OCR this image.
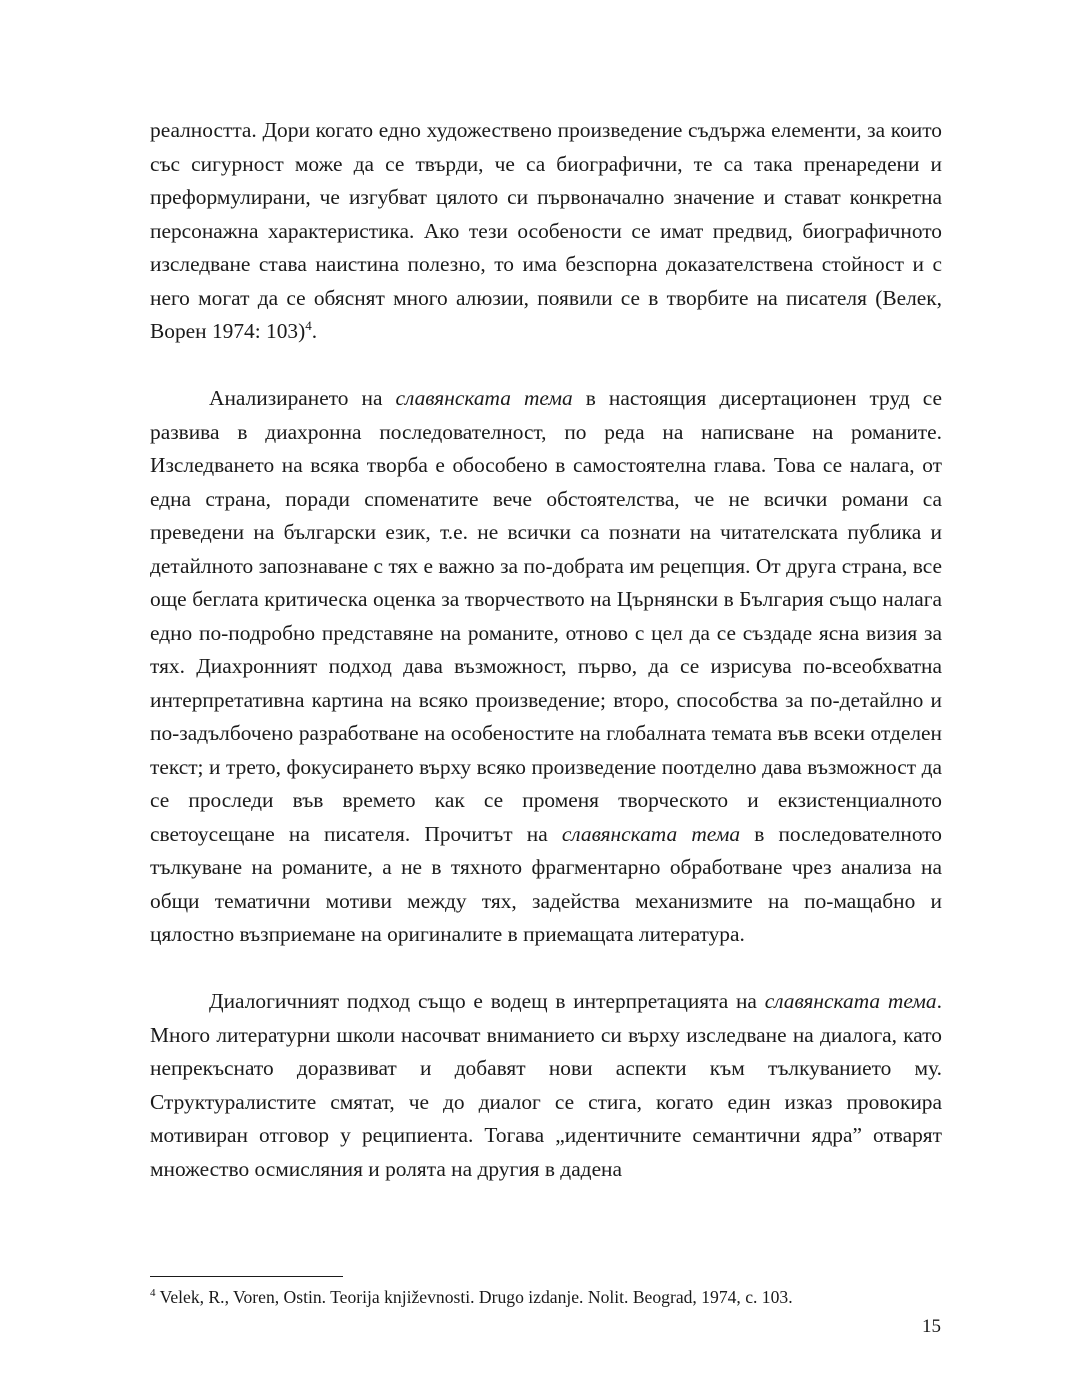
реалността. Дори когато едно художествено произведение съдържа елементи, за които със сигурност може да се твърди, че са биографични, те са така пренаредени и преформулирани, че изгубват цялото си първоначално значение и стават конкретна персонажна характеристика. Ако тези особености се имат предвид, биографичното изследване става наистина полезно, то има безспорна доказателствена стойност и с него могат да се обяснят много алюзии, появили се в творбите на писателя (Велек, Ворен 1974: 103)$^4$.

Анализирането на славянската тема в настоящия дисертационен труд се развива в диахронна последователност, по реда на написване на романите. Изследването на всяка творба е обособено в самостоятелна глава. Това се налага, от една страна, поради споменатите вече обстоятелства, че не всички романи са преведени на български език, т.е. не всички са познати на читателската публика и детайлното запознаване с тях е важно за по-добрата им рецепция. От друга страна, все още беглата критическа оценка за творчеството на Църнянски в България също налага едно по-подробно представяне на романите, отново с цел да се създаде ясна визия за тях. Диахронният подход дава възможност, първо, да се изрисува по-всеобхватна интерпретативна картина на всяко произведение; второ, способства за по-детайлно и по-задълбочено разработване на особеностите на глобалната темата във всеки отделен текст; и трето, фокусирането върху всяко произведение поотделно дава възможност да се проследи във времето как се променя творческото и екзистенциалното светоусещане на писателя. Прочитът на славянската тема в последователното тълкуване на романите, а не в тяхното фрагментарно обработване чрез анализа на общи тематични мотиви между тях, задейства механизмите на по-мащабно и цялостно възприемане на оригиналите в приемащата литература.

Диалогичният подход също е водещ в интерпретацията на славянската тема. Много литературни школи насочват вниманието си върху изследване на диалога, като непрекъснато доразвиват и добавят нови аспекти към тълкуванието му. Структуралистите смятат, че до диалог се стига, когато един изказ провокира мотивиран отговор у реципиента. Тогава „идентичните семантични ядра” отварят множество осмисляния и ролята на другия в дадена

$^4$ Velek, R., Voren, Ostin. Teorija književnosti. Drugo izdanje. Nolit. Beograd, 1974, с. 103.
15
